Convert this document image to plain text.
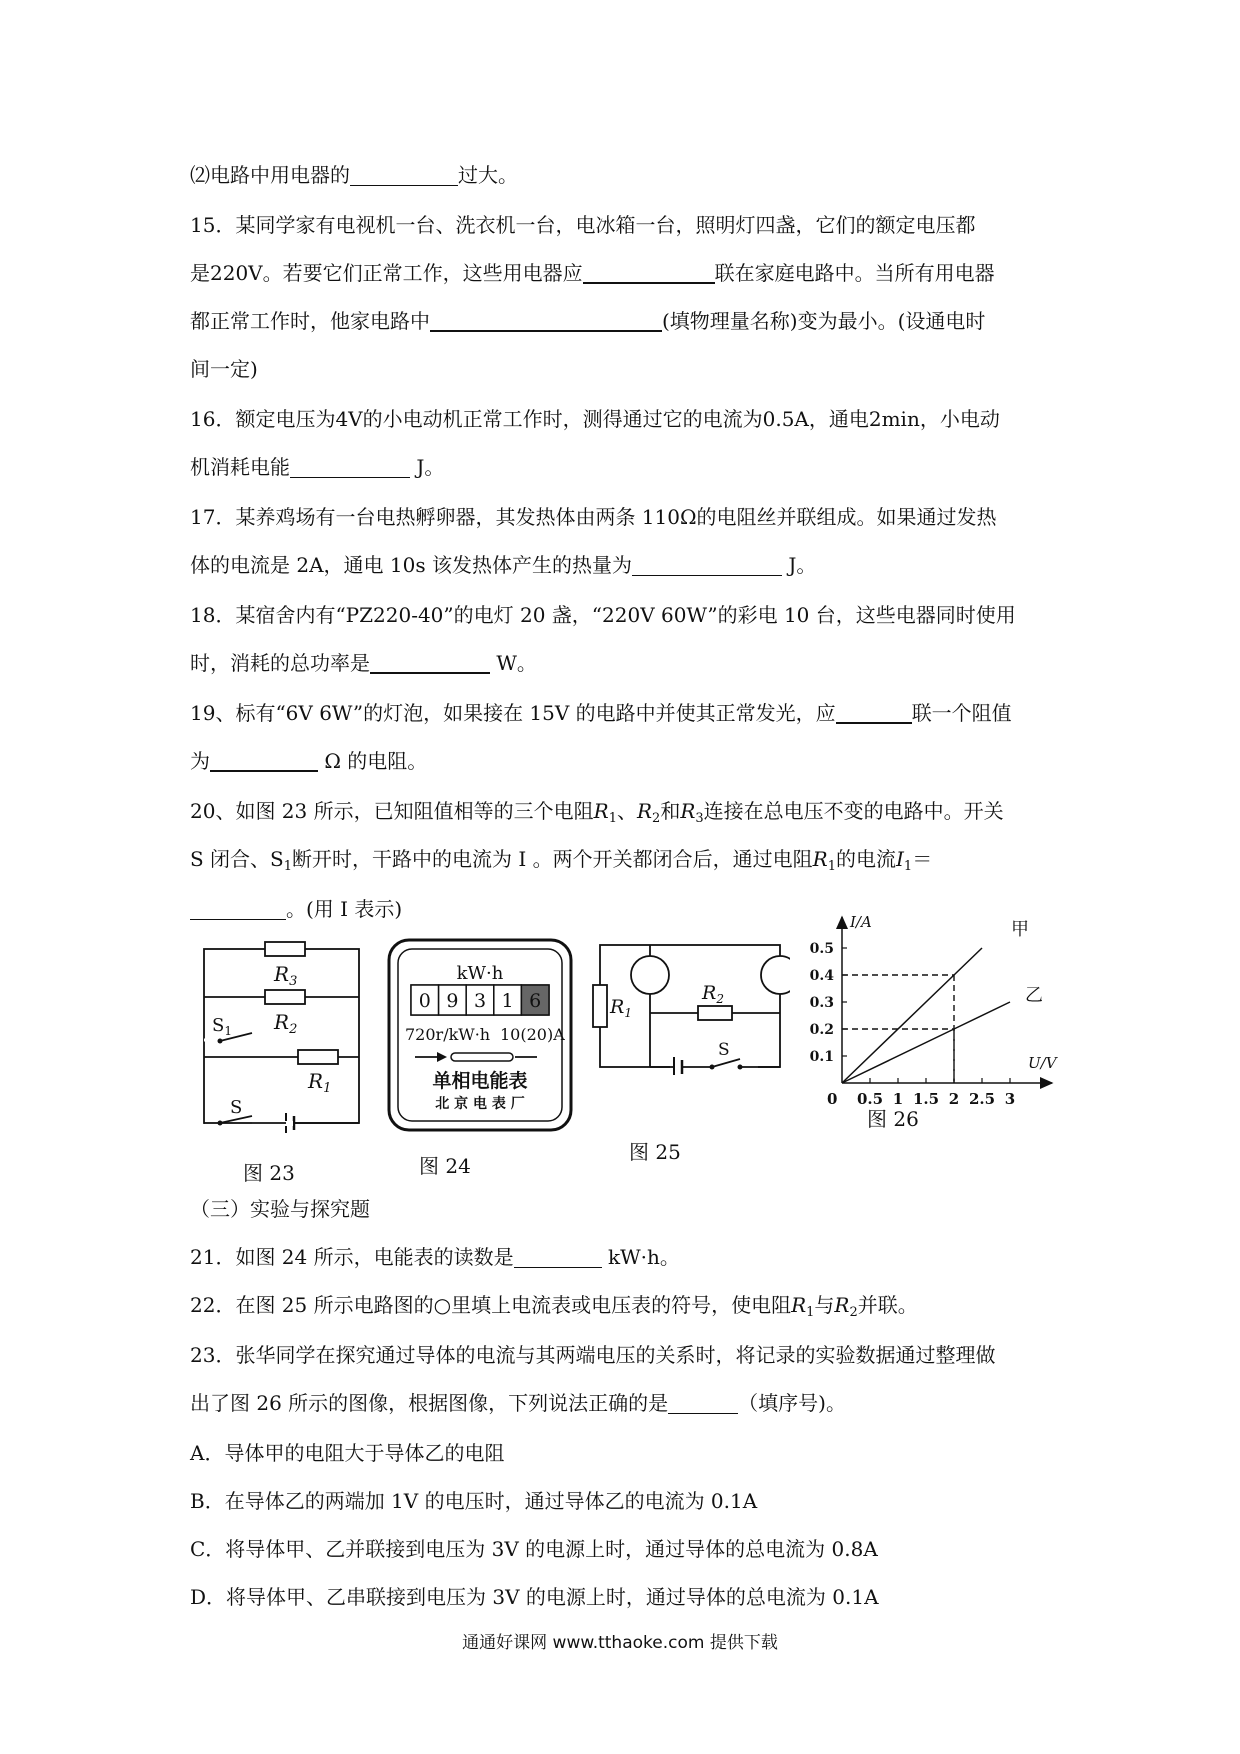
⑵电路中用电器的	过大。
15．某同学家有电视机一台、洗衣机一台，电冰箱一台，照明灯四盏，它们的额定电压都
是220V。若要它们正常工作，这些用电器应	联在家庭电路中。当所有用电器
都正常工作时，他家电路中	(填物理量名称)变为最小。(设通电时
间一定)
16．额定电压为4V的小电动机正常工作时，测得通过它的电流为0.5A，通电2min，小电动
机消耗电能	J。
17．某养鸡场有一台电热孵卵器，其发热体由两条 110Ω的电阻丝并联组成。如果通过发热
体的电流是 2A，通电 10s 该发热体产生的热量为	J。
18．某宿舍内有“PZ220-40”的电灯 20 盏，“220V 60W”的彩电 10 台，这些电器同时使用
时，消耗的总功率是	W。
19、标有“6V 6W”的灯泡，如果接在 15V 的电路中并使其正常发光，应	联一个阻值
为	Ω 的电阻。
20、如图 23 所示，已知阻值相等的三个电阻$R_1$、$R_2$和$R_3$连接在总电压不变的电路中。开关
S 闭合、$S_1$断开时，干路中的电流为 I 。两个开关都闭合后，通过电阻$R_1$的电流$I_1=$
。(用 I 表示)
$R_3$
$R_2$
$R_1$
$S_1$
S
图 23
kW·h
0 9 3 1 6
720r/kW·h 10(20)A
单相电能表
北 京 电 表 厂
图 24
$R_1$
$R_2$
S
图 25
0.5 1 1.5 2 2.5 3
0.5
0.4
0.3
0.2
0.1
I/A
U/V
0
甲
乙
图 26
（三）实验与探究题
21．如图 24 所示，电能表的读数是	kW·h。
22．在图 25 所示电路图的○里填上电流表或电压表的符号，使电阻$R_1$与$R_2$并联。
23．张华同学在探究通过导体的电流与其两端电压的关系时，将记录的实验数据通过整理做
出了图 26 所示的图像，根据图像，下列说法正确的是	（填序号)。
A．导体甲的电阻大于导体乙的电阻
B．在导体乙的两端加 1V 的电压时，通过导体乙的电流为 0.1A
C．将导体甲、乙并联接到电压为 3V 的电源上时，通过导体的总电流为 0.8A
D．将导体甲、乙串联接到电压为 3V 的电源上时，通过导体的总电流为 0.1A
通通好课网 www.tthaoke.com 提供下载
